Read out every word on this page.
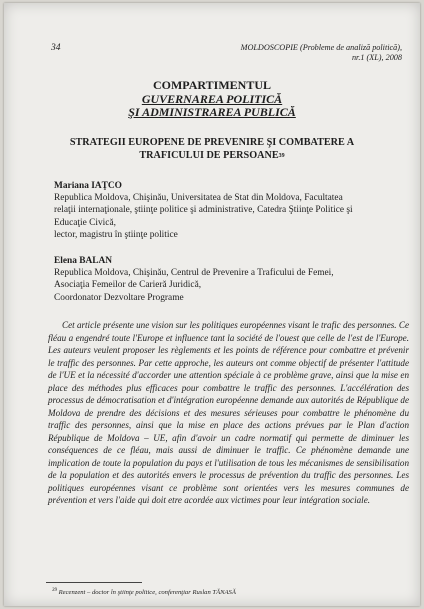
34	MOLDOSCOPIE (Probleme de analiză politică),
nr.1 (XL), 2008
COMPARTIMENTUL
GUVERNAREA POLITICĂ
ŞI ADMINISTRAREA PUBLICĂ
STRATEGII EUROPENE DE PREVENIRE ŞI COMBATERE A
TRAFICULUI DE PERSOANE$^{39}$
Mariana IAŢCO
Republica Moldova, Chişinău, Universitatea de Stat din Moldova, Facultatea
relaţii internaţionale, ştiinţe politice şi administrative, Catedra Ştiinţe Politice şi
Educaţie Civică,
lector, magistru în ştiinţe politice
Elena BALAN
Republica Moldova, Chişinău, Centrul de Prevenire a Traficului de Femei,
Asociaţia Femeilor de Carieră Juridică,
Coordonator Dezvoltare Programe
Cet article présente une vision sur les politiques européennes visant le trafic des personnes. Ce fléau a engendré toute l'Europe et influence tant la société de l'ouest que celle de l'est de l'Europe. Les auteurs veulent proposer les règlements et les points de référence pour combattre et prévenir le traffic des personnes. Par cette approche, les auteurs ont comme objectif de présenter l'attitude de l'UE et la nécessité d'accorder une attention spéciale à ce problème grave, ainsi que la mise en place des méthodes plus efficaces pour combattre le traffic des personnes. L'accélération des processus de démocratisation et d'intégration européenne demande aux autorités de République de Moldova de prendre des décisions et des mesures sérieuses pour combattre le phénomène du traffic des personnes, ainsi que la mise en place des actions prévues par le Plan d'action République de Moldova – UE, afin d'avoir un cadre normatif qui permette de diminuer les conséquences de ce fléau, mais aussi de diminuer le traffic. Ce phénomène demande une implication de toute la population du pays et l'utilisation de tous les mécanismes de sensibilisation de la population et des autorités envers le processus de prévention du traffic des personnes. Les politiques européennes visant ce problème sont orientées vers les mesures communes de prévention et vers l'aide qui doit etre acordée aux victimes pour leur intégration sociale.
$^{39}$ Recenzent – doctor în ştiinţe politice, conferenţiar Ruslan TĂNASĂ
